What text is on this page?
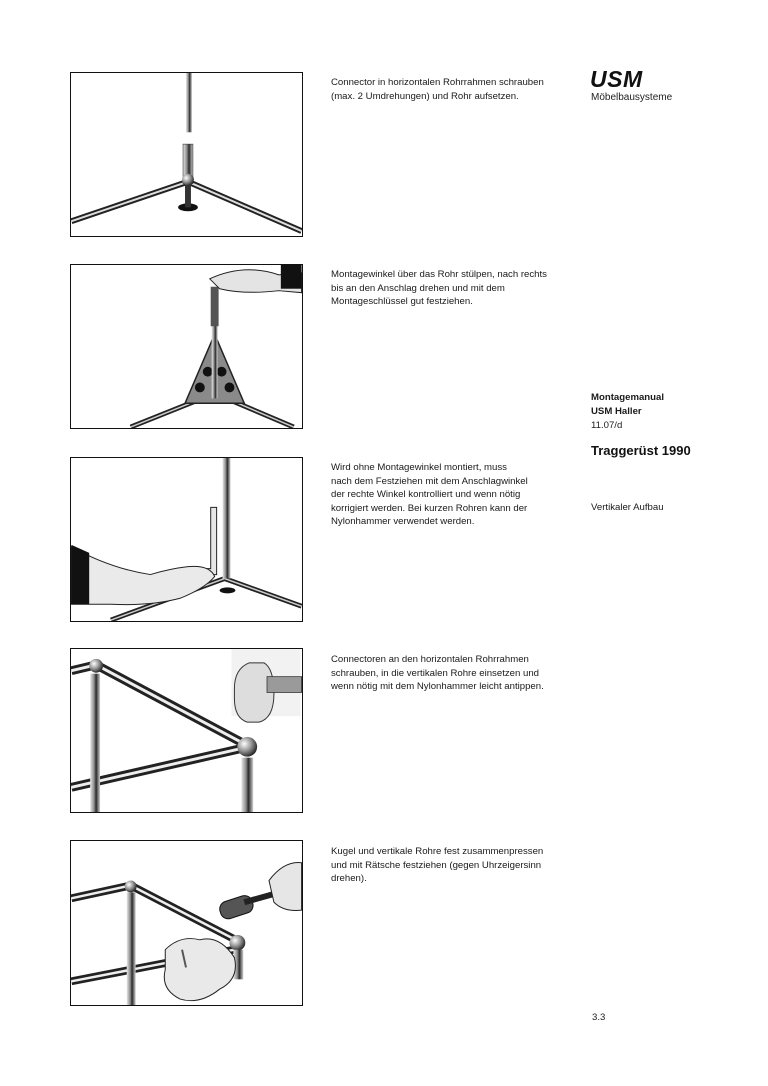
Connector in horizontalen Rohrrahmen schrauben
(max. 2 Umdrehungen) und Rohr aufsetzen.
Montagewinkel über das Rohr stülpen, nach rechts
bis an den Anschlag drehen und mit dem
Montageschlüssel gut festziehen.
Wird ohne Montagewinkel montiert, muss
nach dem Festziehen mit dem Anschlagwinkel
der rechte Winkel kontrolliert und wenn nötig
korrigiert werden. Bei kurzen Rohren kann der
Nylonhammer verwendet werden.
Connectoren an den horizontalen Rohrrahmen
schrauben, in die vertikalen Rohre einsetzen und
wenn nötig mit dem Nylonhammer leicht antippen.
Kugel und vertikale Rohre fest zusammenpressen
und mit Rätsche festziehen (gegen Uhrzeigersinn
drehen).
USM
Möbelbausysteme
Montagemanual
USM Haller
11.07/d
Traggerüst 1990
Vertikaler Aufbau
3.3
